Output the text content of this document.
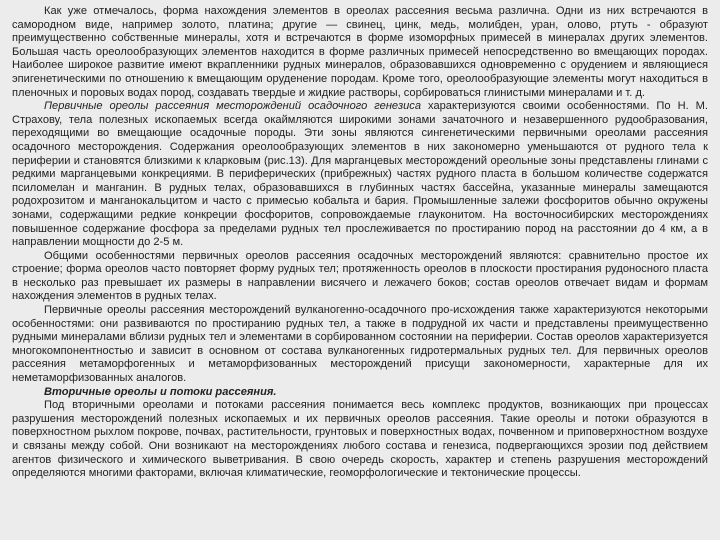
Как уже отмечалось, форма нахождения элементов в ореолах рассеяния весьма различна. Одни из них встречаются в самородном виде, например золото, платина; другие — свинец, цинк, медь, молибден, уран, олово, ртуть - образуют преимущественно собственные минералы, хотя и встречаются в форме изоморфных примесей в минералах других элементов. Большая часть ореолообразующих элементов находится в форме различных примесей непосредственно во вмещающих породах. Наиболее широкое развитие имеют вкрапленники рудных минералов, образовавшихся одновременно с орудением и являющиеся эпигенетическими по отношению к вмещающим оруденение породам. Кроме того, ореолообразующие элементы могут находиться в пленочных и поровых водах пород, создавать твердые и жидкие растворы, сорбироваться глинистыми минералами и т. д.

Первичные ореолы рассеяния месторождений осадочного генезиса характеризуются своими особенностями. По Н. М. Страхову, тела полезных ископаемых всегда окаймляются широкими зонами зачаточного и незавершенного рудообразования, переходящими во вмещающие осадочные породы. Эти зоны являются сингенетическими первичными ореолами рассеяния осадочного месторождения. Содержания ореолообразующих элементов в них закономерно уменьшаются от рудного тела к периферии и становятся близкими к кларковым (рис.13). Для марганцевых месторождений ореольные зоны представлены глинами с редкими марганцевыми конкрециями. В периферических (прибрежных) частях рудного пласта в большом количестве содержатся псиломелан и манганин. В рудных телах, образовавшихся в глубинных частях бассейна, указанные минералы замещаются родохрозитом и манганокальцитом и часто с примесью кобальта и бария. Промышленные залежи фосфоритов обычно окружены зонами, содержащими редкие конкреции фосфоритов, сопровождаемые глауконитом. На восточносибирских месторождениях повышенное содержание фосфора за пределами рудных тел прослеживается по простиранию пород на расстоянии до 4 км, а в направлении мощности до 2-5 м.

Общими особенностями первичных ореолов рассеяния осадочных месторождений являются: сравнительно простое их строение; форма ореолов часто повторяет форму рудных тел; протяженность ореолов в плоскости простирания рудоносного пласта в несколько раз превышает их размеры в направлении висячего и лежачего боков; состав ореолов отвечает видам и формам нахождения элементов в рудных телах.

Первичные ореолы рассеяния месторождений вулканогенно-осадочного про-исхождения также характеризуются некоторыми особенностями: они развиваются по простиранию рудных тел, а также в подрудной их части и представлены преимущественно рудными минералами вблизи рудных тел и элементами в сорбированном состоянии на периферии. Состав ореолов характеризуется многокомпонентностью и зависит в основном от состава вулканогенных гидротермальных рудных тел. Для первичных ореолов рассеяния метаморфогенных и метаморфизованных месторождений присущи закономерности, характерные для их неметаморфизованных аналогов.

Вторичные ореолы и потоки рассеяния.

Под вторичными ореолами и потоками рассеяния понимается весь комплекс продуктов, возникающих при процессах разрушения месторождений полезных ископаемых и их первичных ореолов рассеяния. Такие ореолы и потоки образуются в поверхностном рыхлом покрове, почвах, растительности, грунтовых и поверхностных водах, почвенном и приповерхностном воздухе и связаны между собой. Они возникают на месторождениях любого состава и генезиса, подвергающихся эрозии под действием агентов физического и химического выветривания. В свою очередь скорость, характер и степень разрушения месторождений определяются многими факторами, включая климатические, геоморфологические и тектонические процессы.
